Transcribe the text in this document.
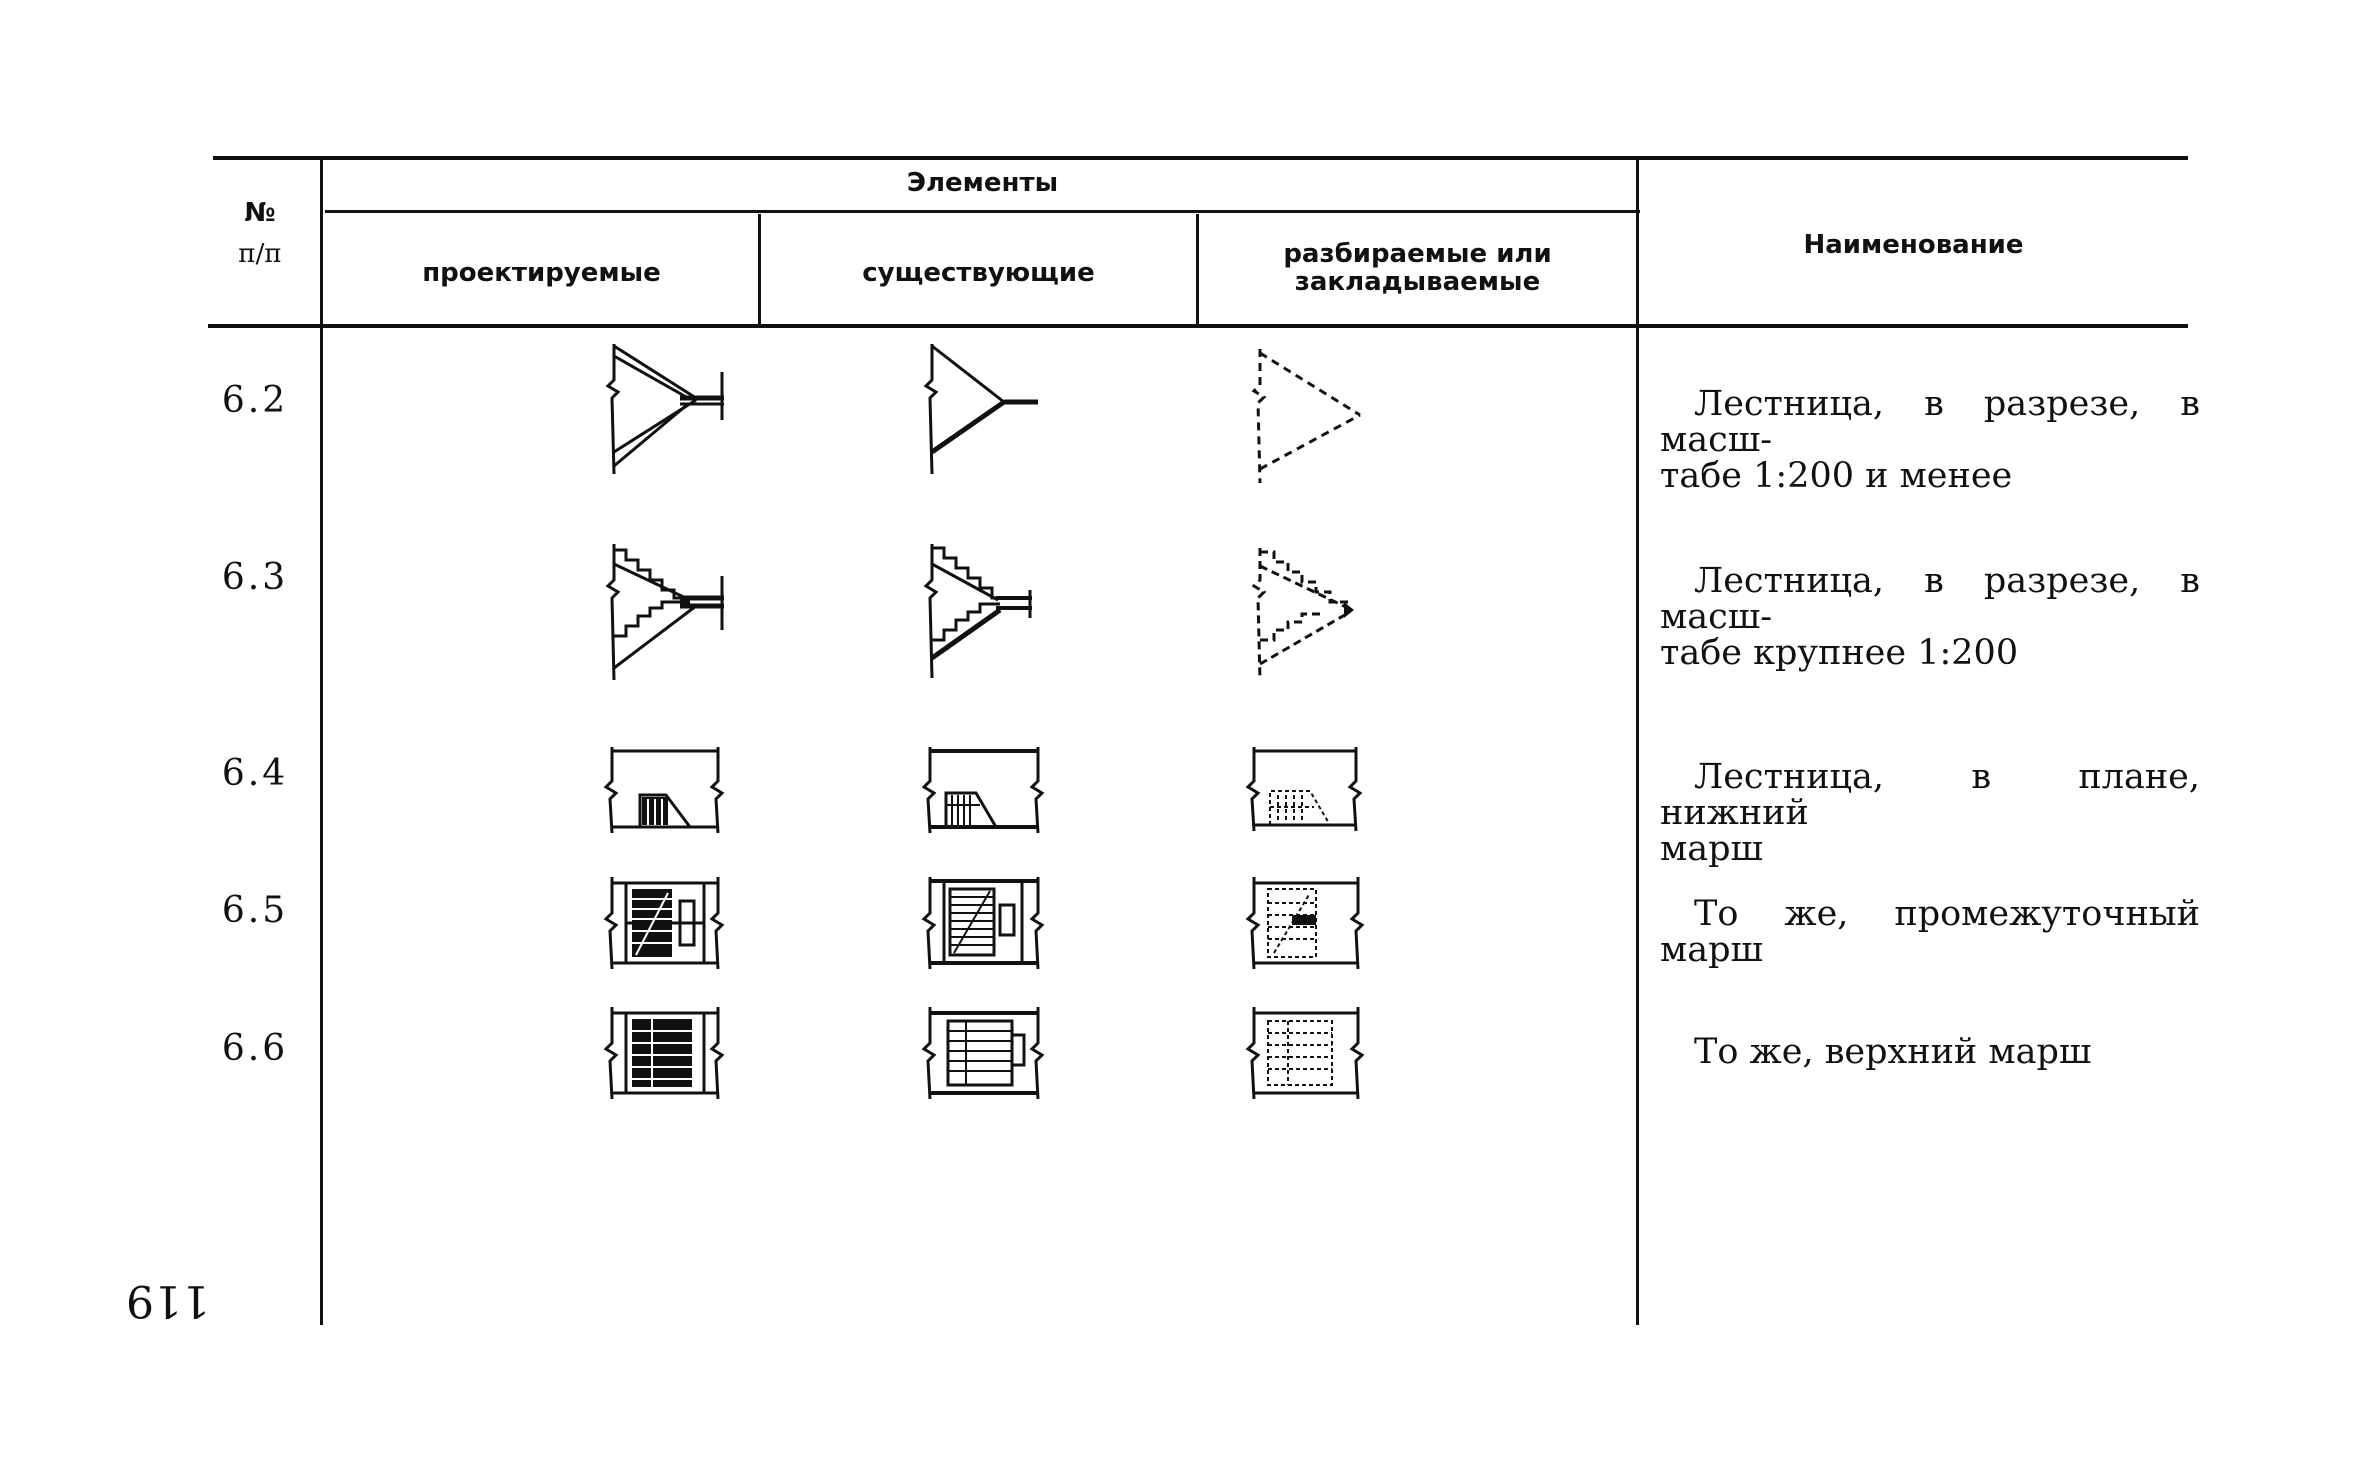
№
п/п
Элементы
проектируемые	существующие
разбираемые или
закладываемые
Наименование
6.2
6.3
6.4
6.5
6.6
Лестница, в разрезе, в масш-
табе 1:200 и менее
Лестница, в разрезе, в масш-
табе крупнее 1:200
Лестница, в плане, нижний
марш
То же, промежуточный марш
То же, верхний марш
119
